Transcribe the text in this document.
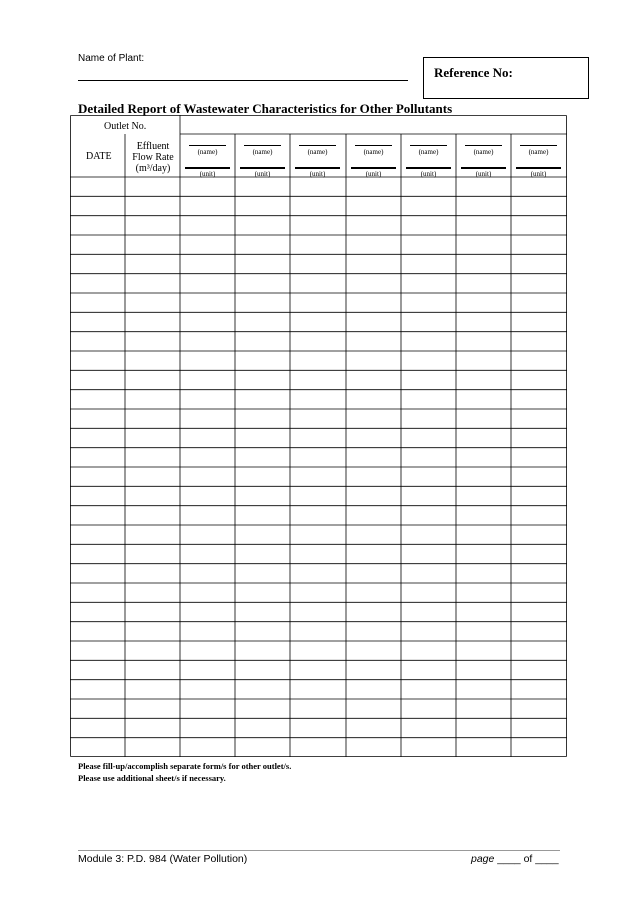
Name of Plant:
Reference No:
Detailed Report of Wastewater Characteristics for Other Pollutants
Outlet No.
DATE
Effluent
Flow Rate
(m³/day)
(name)
(unit)
(name)
(unit)
(name)
(unit)
(name)
(unit)
(name)
(unit)
(name)
(unit)
(name)
(unit)
Please fill-up/accomplish separate form/s for other outlet/s.
Please use additional sheet/s if necessary.
Module 3: P.D. 984 (Water Pollution)	page ____ of ____
